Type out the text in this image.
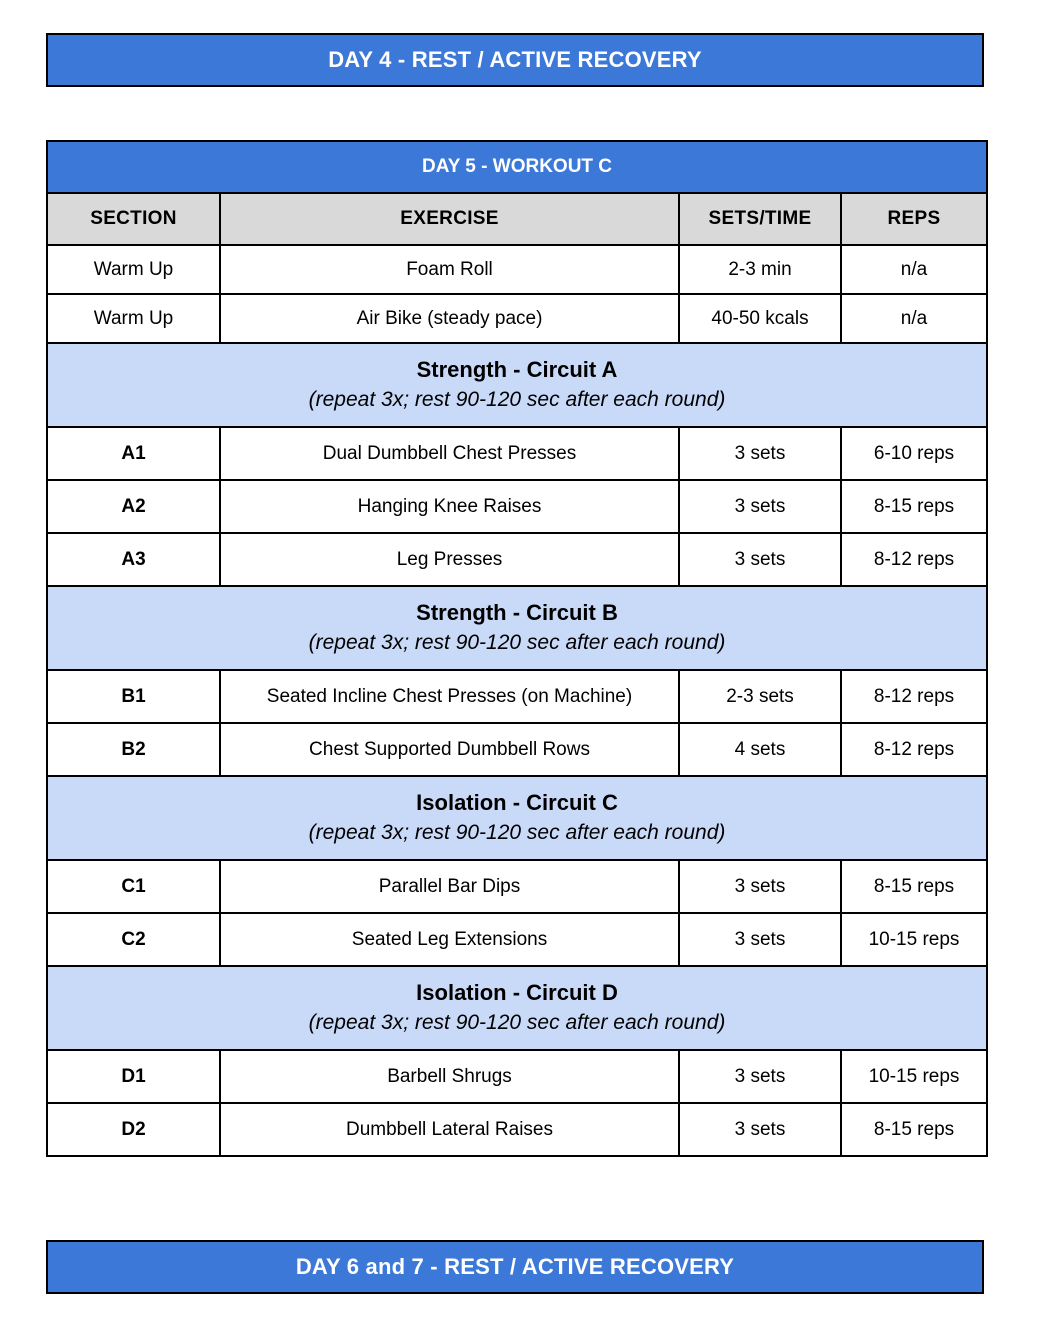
DAY 4 - REST / ACTIVE RECOVERY
DAY 5 - WORKOUT C			
SECTION	EXERCISE	SETS/TIME	REPS
Warm Up	Foam Roll	2-3 min	n/a
Warm Up	Air Bike (steady pace)	40-50 kcals	n/a

Strength - Circuit A
(repeat 3x; rest 90-120 sec after each round)			

A1	Dual Dumbbell Chest Presses	3 sets	6-10 reps
A2	Hanging Knee Raises	3 sets	8-15 reps
A3	Leg Presses	3 sets	8-12 reps

Strength - Circuit B
(repeat 3x; rest 90-120 sec after each round)			

B1	Seated Incline Chest Presses (on Machine)	2-3 sets	8-12 reps
B2	Chest Supported Dumbbell Rows	4 sets	8-12 reps

Isolation - Circuit C
(repeat 3x; rest 90-120 sec after each round)			

C1	Parallel Bar Dips	3 sets	8-15 reps
C2	Seated Leg Extensions	3 sets	10-15 reps

Isolation - Circuit D
(repeat 3x; rest 90-120 sec after each round)			

D1	Barbell Shrugs	3 sets	10-15 reps
D2	Dumbbell Lateral Raises	3 sets	8-15 reps
DAY 6 and 7 - REST / ACTIVE RECOVERY
